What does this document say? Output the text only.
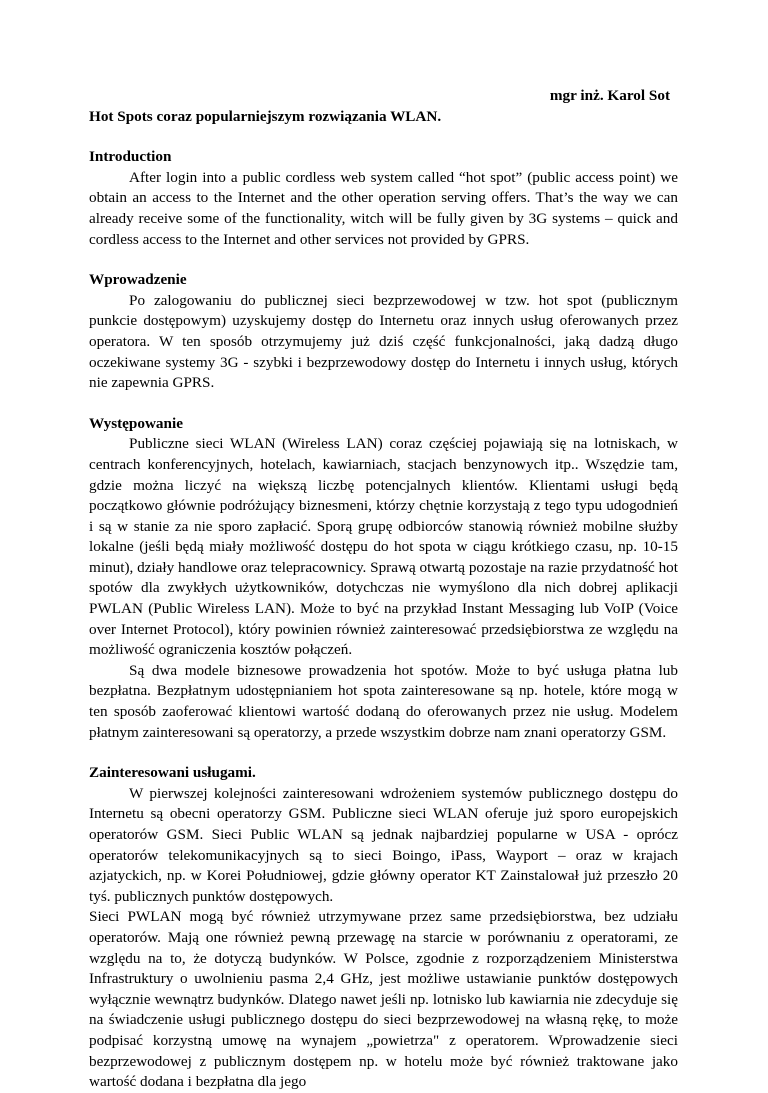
mgr inż. Karol Sot

Hot Spots coraz popularniejszym rozwiązania WLAN.

Introduction

After login into a public cordless web system called “hot spot” (public access point) we obtain an access to the Internet and the other operation serving offers. That’s the way we can already receive some of the functionality, witch will be fully given by 3G systems – quick and cordless access to the Internet and other services not provided by GPRS.

Wprowadzenie

Po zalogowaniu do publicznej sieci bezprzewodowej w tzw. hot spot (publicznym punkcie dostępowym) uzyskujemy dostęp do Internetu oraz innych usług oferowanych przez operatora. W ten sposób otrzymujemy już dziś część funkcjonalności, jaką dadzą długo oczekiwane systemy 3G - szybki i bezprzewodowy dostęp do Internetu i innych usług, których nie zapewnia GPRS.

Występowanie

Publiczne sieci WLAN (Wireless LAN) coraz częściej pojawiają się na lotniskach, w centrach konferencyjnych, hotelach, kawiarniach, stacjach benzynowych itp.. Wszędzie tam, gdzie można liczyć na większą liczbę potencjalnych klientów. Klientami usługi będą początkowo głównie podróżujący biznesmeni, którzy chętnie korzystają z tego typu udogodnień i są w stanie za nie sporo zapłacić. Sporą grupę odbiorców stanowią również mobilne służby lokalne (jeśli będą miały możliwość dostępu do hot spota w ciągu krótkiego czasu, np. 10-15 minut), działy handlowe oraz telepracownicy. Sprawą otwartą pozostaje na razie przydatność hot spotów dla zwykłych użytkowników, dotychczas nie wymyślono dla nich dobrej aplikacji PWLAN (Public Wireless LAN). Może to być na przykład Instant Messaging lub VoIP (Voice over Internet Protocol), który powinien również zainteresować przedsiębiorstwa ze względu na możliwość ograniczenia kosztów połączeń.

Są dwa modele biznesowe prowadzenia hot spotów. Może to być usługa płatna lub bezpłatna. Bezpłatnym udostępnianiem hot spota zainteresowane są np. hotele, które mogą w ten sposób zaoferować klientowi wartość dodaną do oferowanych przez nie usług. Modelem płatnym zainteresowani są operatorzy, a przede wszystkim dobrze nam znani operatorzy GSM.

Zainteresowani usługami.

W pierwszej kolejności zainteresowani wdrożeniem systemów publicznego dostępu do Internetu są obecni operatorzy GSM. Publiczne sieci WLAN oferuje już sporo europejskich operatorów GSM. Sieci Public WLAN są jednak najbardziej popularne w USA - oprócz operatorów telekomunikacyjnych są to sieci Boingo, iPass, Wayport – oraz w krajach azjatyckich, np. w Korei Południowej, gdzie główny operator KT Zainstalował już przeszło 20 tyś. publicznych punktów dostępowych.

Sieci PWLAN mogą być również utrzymywane przez same przedsiębiorstwa, bez udziału operatorów. Mają one również pewną przewagę na starcie w porównaniu z operatorami, ze względu na to, że dotyczą budynków. W Polsce, zgodnie z rozporządzeniem Ministerstwa Infrastruktury o uwolnieniu pasma 2,4 GHz, jest możliwe ustawianie punktów dostępowych wyłącznie wewnątrz budynków. Dlatego nawet jeśli np. lotnisko lub kawiarnia nie zdecyduje się na świadczenie usługi publicznego dostępu do sieci bezprzewodowej na własną rękę, to może podpisać korzystną umowę na wynajem „powietrza" z operatorem. Wprowadzenie sieci bezprzewodowej z publicznym dostępem np. w hotelu może być również traktowane jako wartość dodana i bezpłatna dla jego
